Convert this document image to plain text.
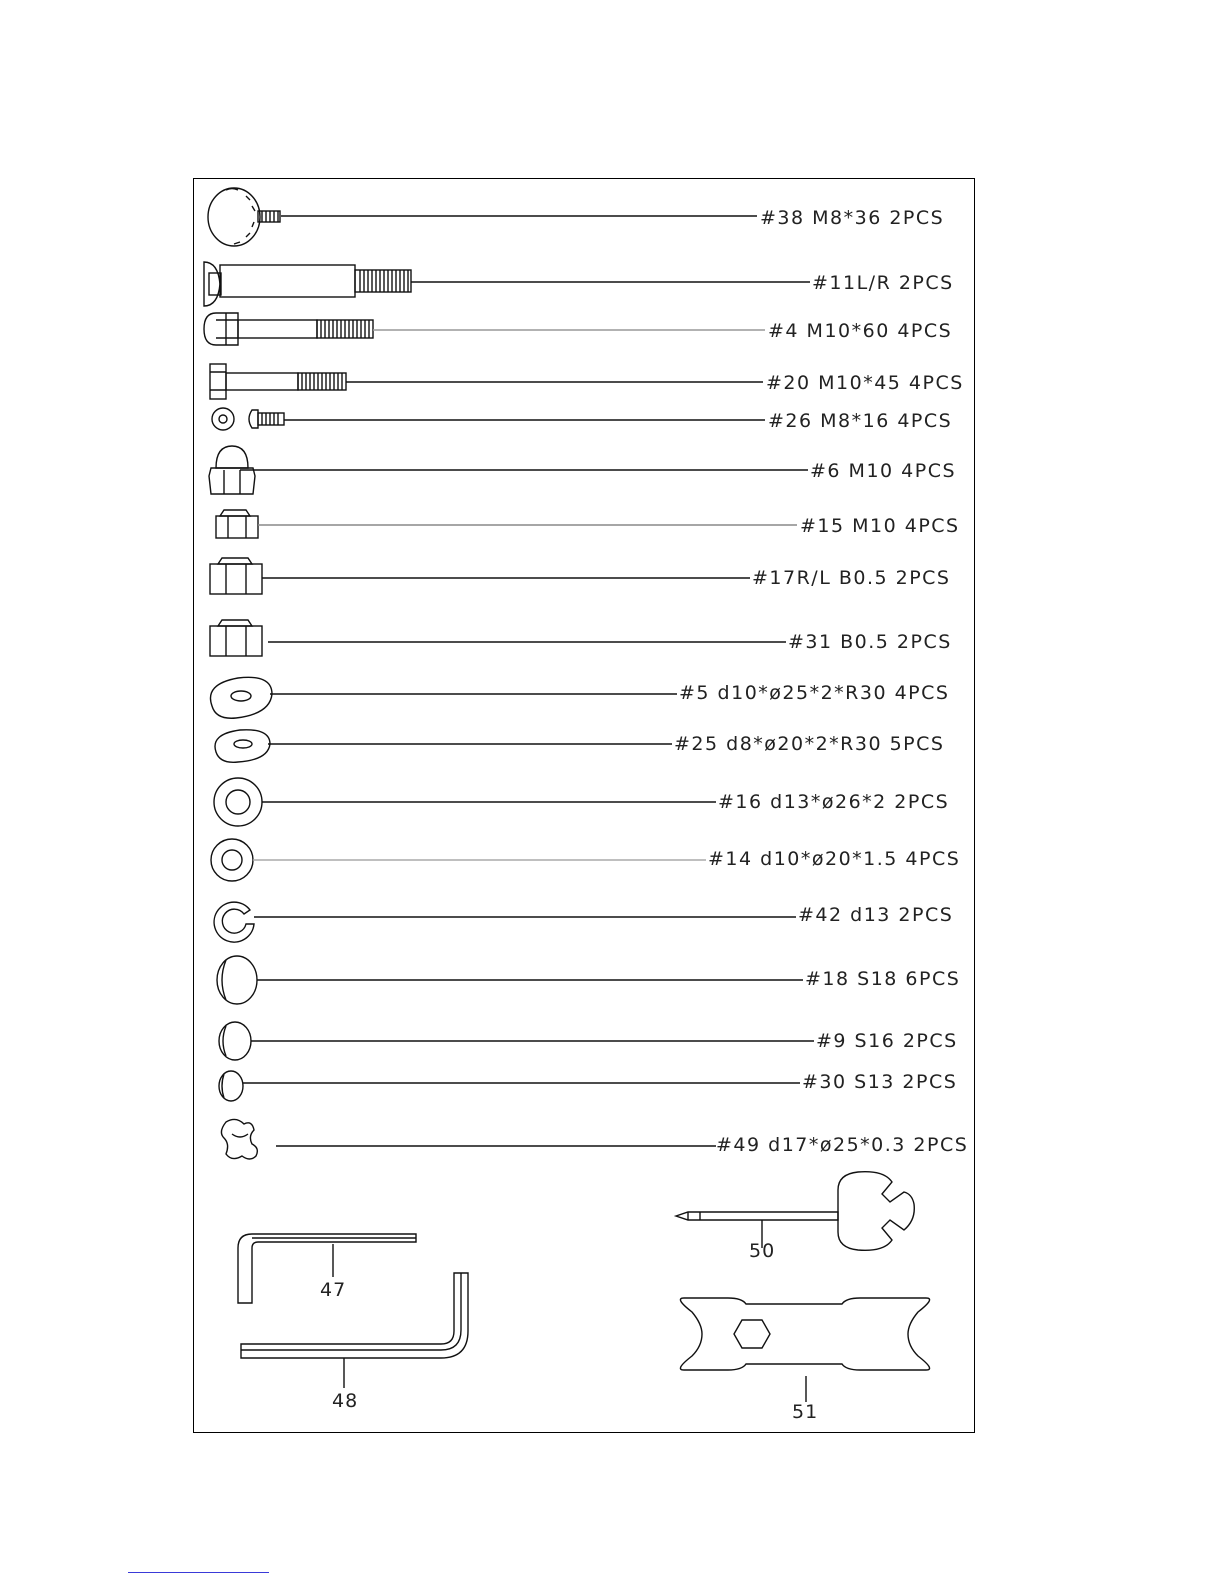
#38 M8*36 2PCS
#11L/R 2PCS
#4 M10*60 4PCS
#20 M10*45 4PCS
#26 M8*16 4PCS
#6 M10 4PCS
#15 M10 4PCS
#17R/L B0.5 2PCS
#31 B0.5 2PCS
#5 d10*ø25*2*R30 4PCS
#25 d8*ø20*2*R30 5PCS
#16 d13*ø26*2 2PCS
#14 d10*ø20*1.5 4PCS
#42 d13 2PCS
#18 S18 6PCS
#9 S16 2PCS
#30 S13 2PCS
#49 d17*ø25*0.3 2PCS
47
48
50
51
